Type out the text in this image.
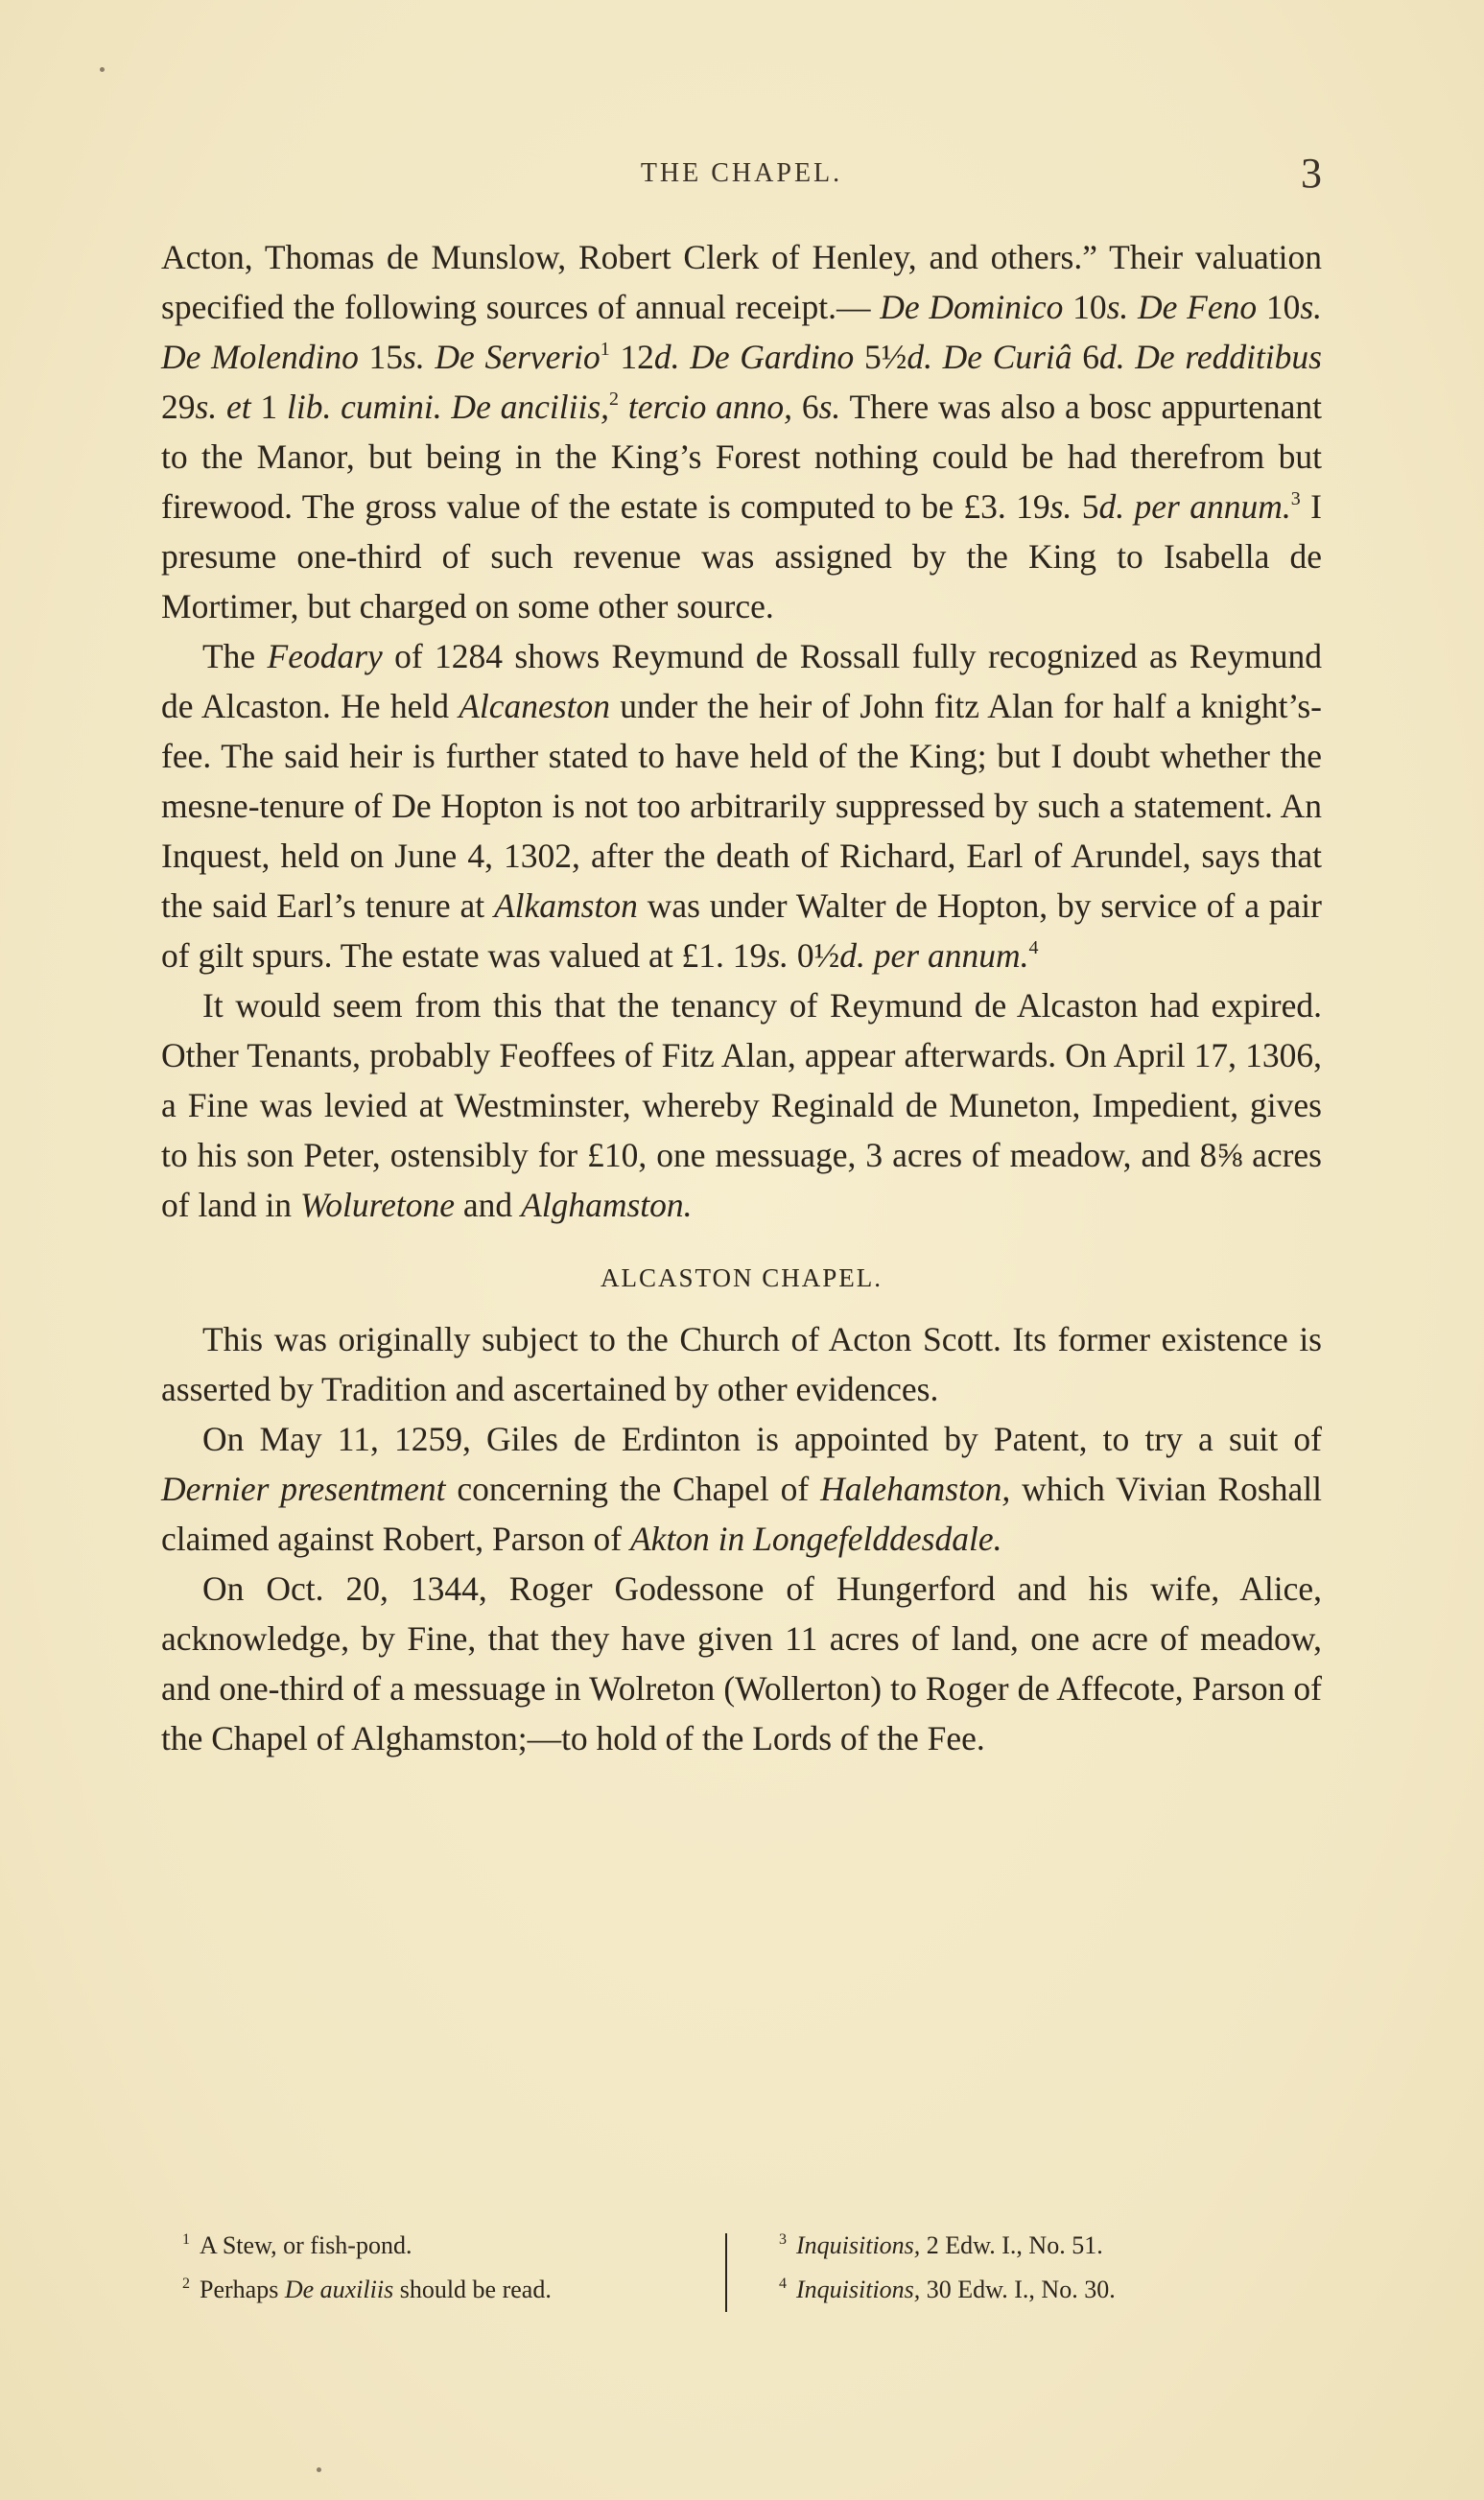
THE CHAPEL.	3

Acton, Thomas de Munslow, Robert Clerk of Henley, and others.” Their valuation specified the following sources of annual receipt.— De Dominico 10s. De Feno 10s. De Molendino 15s. De Serverio$^1$ 12d. De Gardino 5½d. De Curiâ 6d. De redditibus 29s. et 1 lib. cumini. De anciliis,$^2$ tercio anno, 6s. There was also a bosc appurtenant to the Manor, but being in the King’s Forest nothing could be had therefrom but firewood. The gross value of the estate is computed to be £3. 19s. 5d. per annum.$^3$ I presume one-third of such revenue was assigned by the King to Isabella de Mortimer, but charged on some other source.

The Feodary of 1284 shows Reymund de Rossall fully recognized as Reymund de Alcaston. He held Alcaneston under the heir of John fitz Alan for half a knight’s-fee. The said heir is further stated to have held of the King; but I doubt whether the mesne-tenure of De Hopton is not too arbitrarily suppressed by such a statement. An Inquest, held on June 4, 1302, after the death of Richard, Earl of Arundel, says that the said Earl’s tenure at Alkamston was under Walter de Hopton, by service of a pair of gilt spurs. The estate was valued at £1. 19s. 0½d. per annum.$^4$

It would seem from this that the tenancy of Reymund de Alcaston had expired. Other Tenants, probably Feoffees of Fitz Alan, appear afterwards. On April 17, 1306, a Fine was levied at Westminster, whereby Reginald de Muneton, Impedient, gives to his son Peter, ostensibly for £10, one messuage, 3 acres of meadow, and 8⅝ acres of land in Woluretone and Alghamston.

ALCASTON CHAPEL.

This was originally subject to the Church of Acton Scott. Its former existence is asserted by Tradition and ascertained by other evidences.

On May 11, 1259, Giles de Erdinton is appointed by Patent, to try a suit of Dernier presentment concerning the Chapel of Halehamston, which Vivian Roshall claimed against Robert, Parson of Akton in Longefelddesdale.

On Oct. 20, 1344, Roger Godessone of Hungerford and his wife, Alice, acknowledge, by Fine, that they have given 11 acres of land, one acre of meadow, and one-third of a messuage in Wolreton (Wollerton) to Roger de Affecote, Parson of the Chapel of Alghamston;—to hold of the Lords of the Fee.

$^1$ A Stew, or fish-pond.
$^2$ Perhaps De auxiliis should be read.
$^3$ Inquisitions, 2 Edw. I., No. 51.
$^4$ Inquisitions, 30 Edw. I., No. 30.
